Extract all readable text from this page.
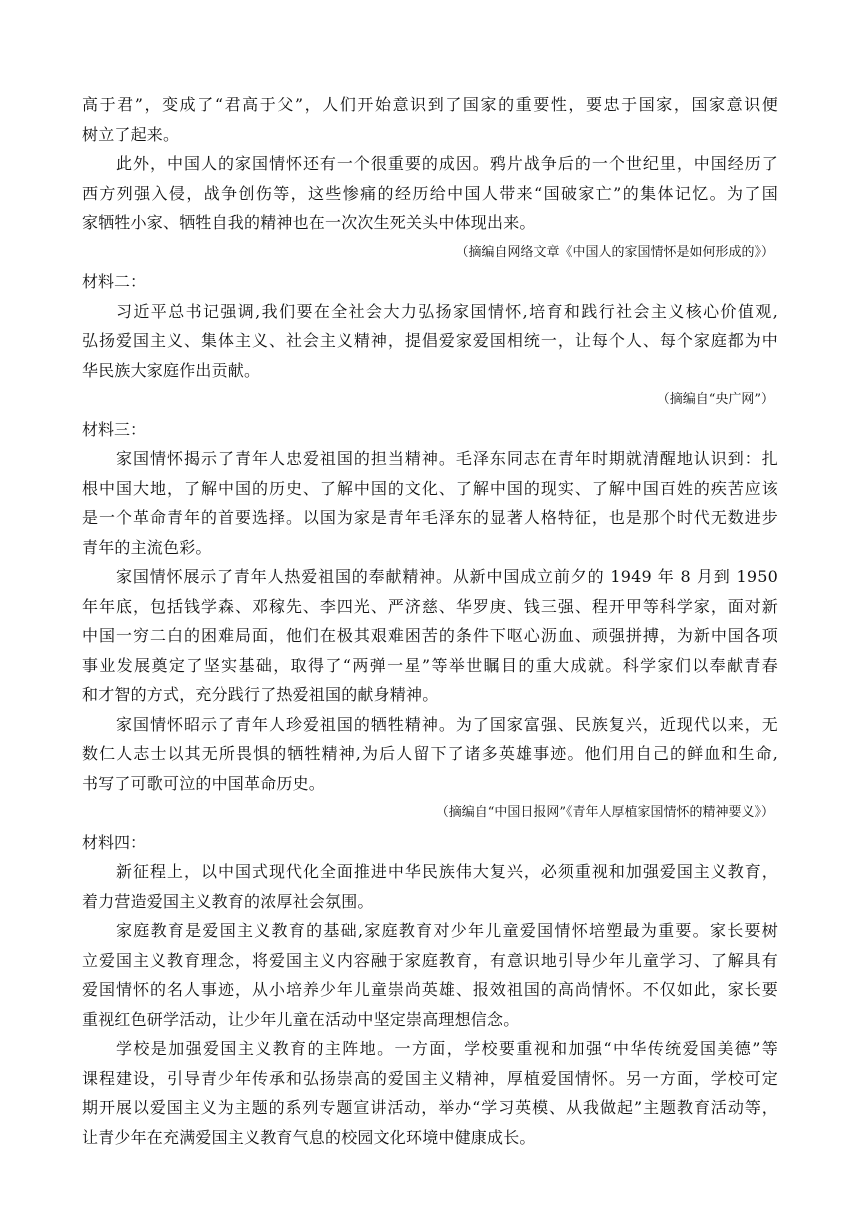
高于君”，变成了“君高于父”，人们开始意识到了国家的重要性，要忠于国家，国家意识便
树立了起来。
此外，中国人的家国情怀还有一个很重要的成因。鸦片战争后的一个世纪里，中国经历了
西方列强入侵，战争创伤等，这些惨痛的经历给中国人带来“国破家亡”的集体记忆。为了国
家牺牲小家、牺牲自我的精神也在一次次生死关头中体现出来。
（摘编自网络文章《中国人的家国情怀是如何形成的》）
材料二：
习近平总书记强调,我们要在全社会大力弘扬家国情怀,培育和践行社会主义核心价值观,
弘扬爱国主义、集体主义、社会主义精神，提倡爱家爱国相统一，让每个人、每个家庭都为中
华民族大家庭作出贡献。
（摘编自“央广网”）
材料三：
家国情怀揭示了青年人忠爱祖国的担当精神。毛泽东同志在青年时期就清醒地认识到：扎
根中国大地，了解中国的历史、了解中国的文化、了解中国的现实、了解中国百姓的疾苦应该
是一个革命青年的首要选择。以国为家是青年毛泽东的显著人格特征，也是那个时代无数进步
青年的主流色彩。
家国情怀展示了青年人热爱祖国的奉献精神。从新中国成立前夕的 1949 年 8 月到 1950
年年底，包括钱学森、邓稼先、李四光、严济慈、华罗庚、钱三强、程开甲等科学家，面对新
中国一穷二白的困难局面，他们在极其艰难困苦的条件下呕心沥血、顽强拼搏，为新中国各项
事业发展奠定了坚实基础，取得了“两弹一星”等举世瞩目的重大成就。科学家们以奉献青春
和才智的方式，充分践行了热爱祖国的献身精神。
家国情怀昭示了青年人珍爱祖国的牺牲精神。为了国家富强、民族复兴，近现代以来，无
数仁人志士以其无所畏惧的牺牲精神,为后人留下了诸多英雄事迹。他们用自己的鲜血和生命,
书写了可歌可泣的中国革命历史。
（摘编自“中国日报网”《青年人厚植家国情怀的精神要义》）
材料四：
新征程上，以中国式现代化全面推进中华民族伟大复兴，必须重视和加强爱国主义教育，
着力营造爱国主义教育的浓厚社会氛围。
家庭教育是爱国主义教育的基础,家庭教育对少年儿童爱国情怀培塑最为重要。家长要树
立爱国主义教育理念，将爱国主义内容融于家庭教育，有意识地引导少年儿童学习、了解具有
爱国情怀的名人事迹，从小培养少年儿童崇尚英雄、报效祖国的高尚情怀。不仅如此，家长要
重视红色研学活动，让少年儿童在活动中坚定崇高理想信念。
学校是加强爱国主义教育的主阵地。一方面，学校要重视和加强“中华传统爱国美德”等
课程建设，引导青少年传承和弘扬崇高的爱国主义精神，厚植爱国情怀。另一方面，学校可定
期开展以爱国主义为主题的系列专题宣讲活动，举办“学习英模、从我做起”主题教育活动等，
让青少年在充满爱国主义教育气息的校园文化环境中健康成长。
